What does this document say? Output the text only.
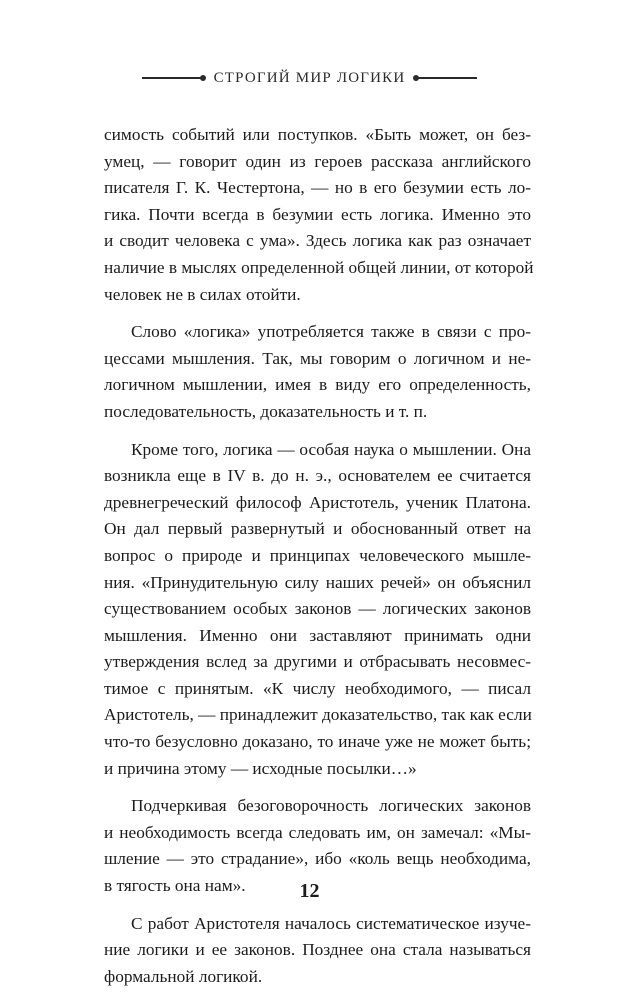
СТРОГИЙ МИР ЛОГИКИ
симость событий или поступков. «Быть может, он без-
умец, — говорит один из героев рассказа английского
писателя Г. К. Честертона, — но в его безумии есть ло-
гика. Почти всегда в безумии есть логика. Именно это
и сводит человека с ума». Здесь логика как раз означает
наличие в мыслях определенной общей линии, от которой
человек не в силах отойти.
Слово «логика» употребляется также в связи с про-
цессами мышления. Так, мы говорим о логичном и не-
логичном мышлении, имея в виду его определенность,
последовательность, доказательность и т. п.
Кроме того, логика — особая наука о мышлении. Она
возникла еще в IV в. до н. э., основателем ее считается
древнегреческий философ Аристотель, ученик Платона.
Он дал первый развернутый и обоснованный ответ на
вопрос о природе и принципах человеческого мышле-
ния. «Принудительную силу наших речей» он объяснил
существованием особых законов — логических законов
мышления. Именно они заставляют принимать одни
утверждения вслед за другими и отбрасывать несовмес-
тимое с принятым. «К числу необходимого, — писал
Аристотель, — принадлежит доказательство, так как если
что-то безусловно доказано, то иначе уже не может быть;
и причина этому — исходные посылки…»
Подчеркивая безоговорочность логических законов
и необходимость всегда следовать им, он замечал: «Мы-
шление — это страдание», ибо «коль вещь необходима,
в тягость она нам».
С работ Аристотеля началось систематическое изуче-
ние логики и ее законов. Позднее она стала называться
формальной логикой.
12
